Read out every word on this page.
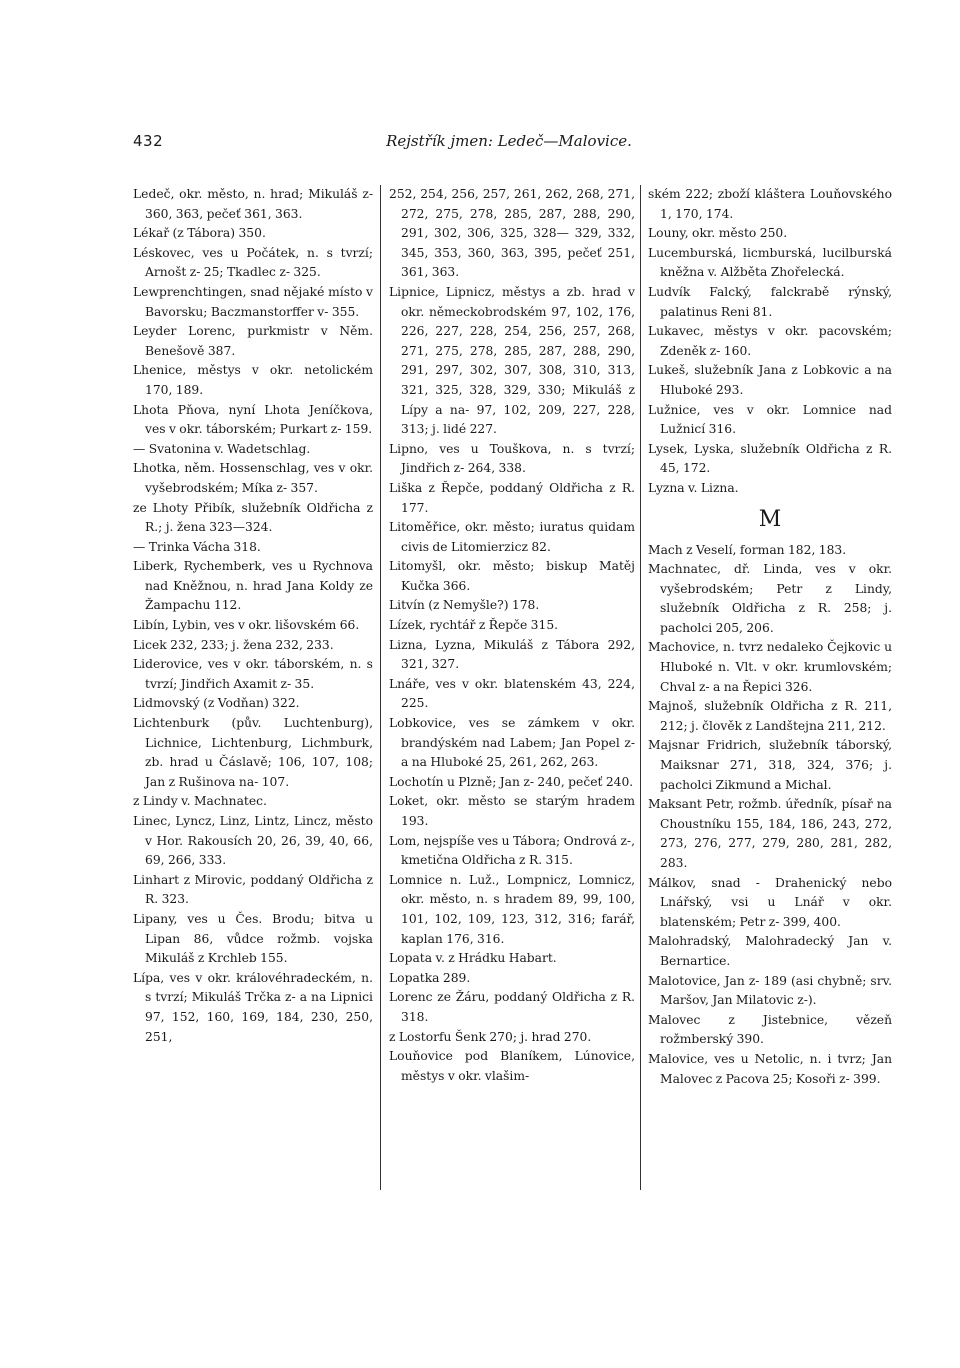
432	Rejstřík jmen: Ledeč—Malovice.

Ledeč, okr. město, n. hrad; Mikuláš z- 360, 363, pečeť 361, 363.

Lékař (z Tábora) 350.

Léskovec, ves u Počátek, n. s tvrzí; Arnošt z- 25; Tkadlec z- 325.

Lewprenchtingen, snad nějaké místo v Bavorsku; Baczmanstorffer v- 355.

Leyder Lorenc, purkmistr v Něm. Benešově 387.

Lhenice, městys v okr. netolickém 170, 189.

Lhota Pňova, nyní Lhota Jeníčkova, ves v okr. táborském; Purkart z- 159.

— Svatonina v. Wadetschlag.

Lhotka, něm. Hossenschlag, ves v okr. vyšebrodském; Míka z- 357.

ze Lhoty Přibík, služebník Oldřicha z R.; j. žena 323—324.

— Trinka Vácha 318.

Liberk, Rychemberk, ves u Rychnova nad Kněžnou, n. hrad Jana Koldy ze Žampachu 112.

Libín, Lybin, ves v okr. lišovském 66.

Licek 232, 233; j. žena 232, 233.

Liderovice, ves v okr. táborském, n. s tvrzí; Jindřich Axamit z- 35.

Lidmovský (z Vodňan) 322.

Lichtenburk (pův. Luchtenburg), Lichnice, Lichtenburg, Lichmburk, zb. hrad u Čáslavě; 106, 107, 108; Jan z Rušinova na- 107.

z Lindy v. Machnatec.

Linec, Lyncz, Linz, Lintz, Lincz, město v Hor. Rakousích 20, 26, 39, 40, 66, 69, 266, 333.

Linhart z Mirovic, poddaný Oldřicha z R. 323.

Lipany, ves u Čes. Brodu; bitva u Lipan 86, vůdce rožmb. vojska Mikuláš z Krchleb 155.

Lípa, ves v okr. královéhradeckém, n. s tvrzí; Mikuláš Trčka z- a na Lipnici 97, 152, 160, 169, 184, 230, 250, 251,

252, 254, 256, 257, 261, 262, 268, 271, 272, 275, 278, 285, 287, 288, 290, 291, 302, 306, 325, 328— 329, 332, 345, 353, 360, 363, 395, pečeť 251, 361, 363.

Lipnice, Lipnicz, městys a zb. hrad v okr. německobrodském 97, 102, 176, 226, 227, 228, 254, 256, 257, 268, 271, 275, 278, 285, 287, 288, 290, 291, 297, 302, 307, 308, 310, 313, 321, 325, 328, 329, 330; Mikuláš z Lípy a na- 97, 102, 209, 227, 228, 313; j. lidé 227.

Lipno, ves u Touškova, n. s tvrzí; Jindřich z- 264, 338.

Liška z Řepče, poddaný Oldřicha z R. 177.

Litoměřice, okr. město; iuratus quidam civis de Litomierzicz 82.

Litomyšl, okr. město; biskup Matěj Kučka 366.

Litvín (z Nemyšle?) 178.

Lízek, rychtář z Řepče 315.

Lizna, Lyzna, Mikuláš z Tábora 292, 321, 327.

Lnáře, ves v okr. blatenském 43, 224, 225.

Lobkovice, ves se zámkem v okr. brandýském nad Labem; Jan Popel z- a na Hluboké 25, 261, 262, 263.

Lochotín u Plzně; Jan z- 240, pečeť 240.

Loket, okr. město se starým hradem 193.

Lom, nejspíše ves u Tábora; Ondrová z-, kmetična Oldřicha z R. 315.

Lomnice n. Luž., Lompnicz, Lomnicz, okr. město, n. s hradem 89, 99, 100, 101, 102, 109, 123, 312, 316; farář, kaplan 176, 316.

Lopata v. z Hrádku Habart.

Lopatka 289.

Lorenc ze Žáru, poddaný Oldřicha z R. 318.

z Lostorfu Šenk 270; j. hrad 270.

Louňovice pod Blaníkem, Lúnovice, městys v okr. vlašim-

ském 222; zboží kláštera Louňovského 1, 170, 174.

Louny, okr. město 250.

Lucemburská, licmburská, lucilburská kněžna v. Alžběta Zhořelecká.

Ludvík Falcký, falckrabě rýnský, palatinus Reni 81.

Lukavec, městys v okr. pacovském; Zdeněk z- 160.

Lukeš, služebník Jana z Lobkovic a na Hluboké 293.

Lužnice, ves v okr. Lomnice nad Lužnicí 316.

Lysek, Lyska, služebník Oldřicha z R. 45, 172.

Lyzna v. Lizna.

M

Mach z Veselí, forman 182, 183.

Machnatec, dř. Linda, ves v okr. vyšebrodském; Petr z Lindy, služebník Oldřicha z R. 258; j. pacholci 205, 206.

Machovice, n. tvrz nedaleko Čejkovic u Hluboké n. Vlt. v okr. krumlovském; Chval z- a na Řepici 326.

Majnoš, služebník Oldřicha z R. 211, 212; j. člověk z Landštejna 211, 212.

Majsnar Fridrich, služebník táborský, Maiksnar 271, 318, 324, 376; j. pacholci Zikmund a Michal.

Maksant Petr, rožmb. úředník, písař na Choustníku 155, 184, 186, 243, 272, 273, 276, 277, 279, 280, 281, 282, 283.

Málkov, snad - Drahenický nebo Lnářský, vsi u Lnář v okr. blatenském; Petr z- 399, 400.

Malohradský, Malohradecký Jan v. Bernartice.

Malotovice, Jan z- 189 (asi chybně; srv. Maršov, Jan Milatovic z-).

Malovec z Jistebnice, vězeň rožmberský 390.

Malovice, ves u Netolic, n. i tvrz; Jan Malovec z Pacova 25; Kosoři z- 399.
